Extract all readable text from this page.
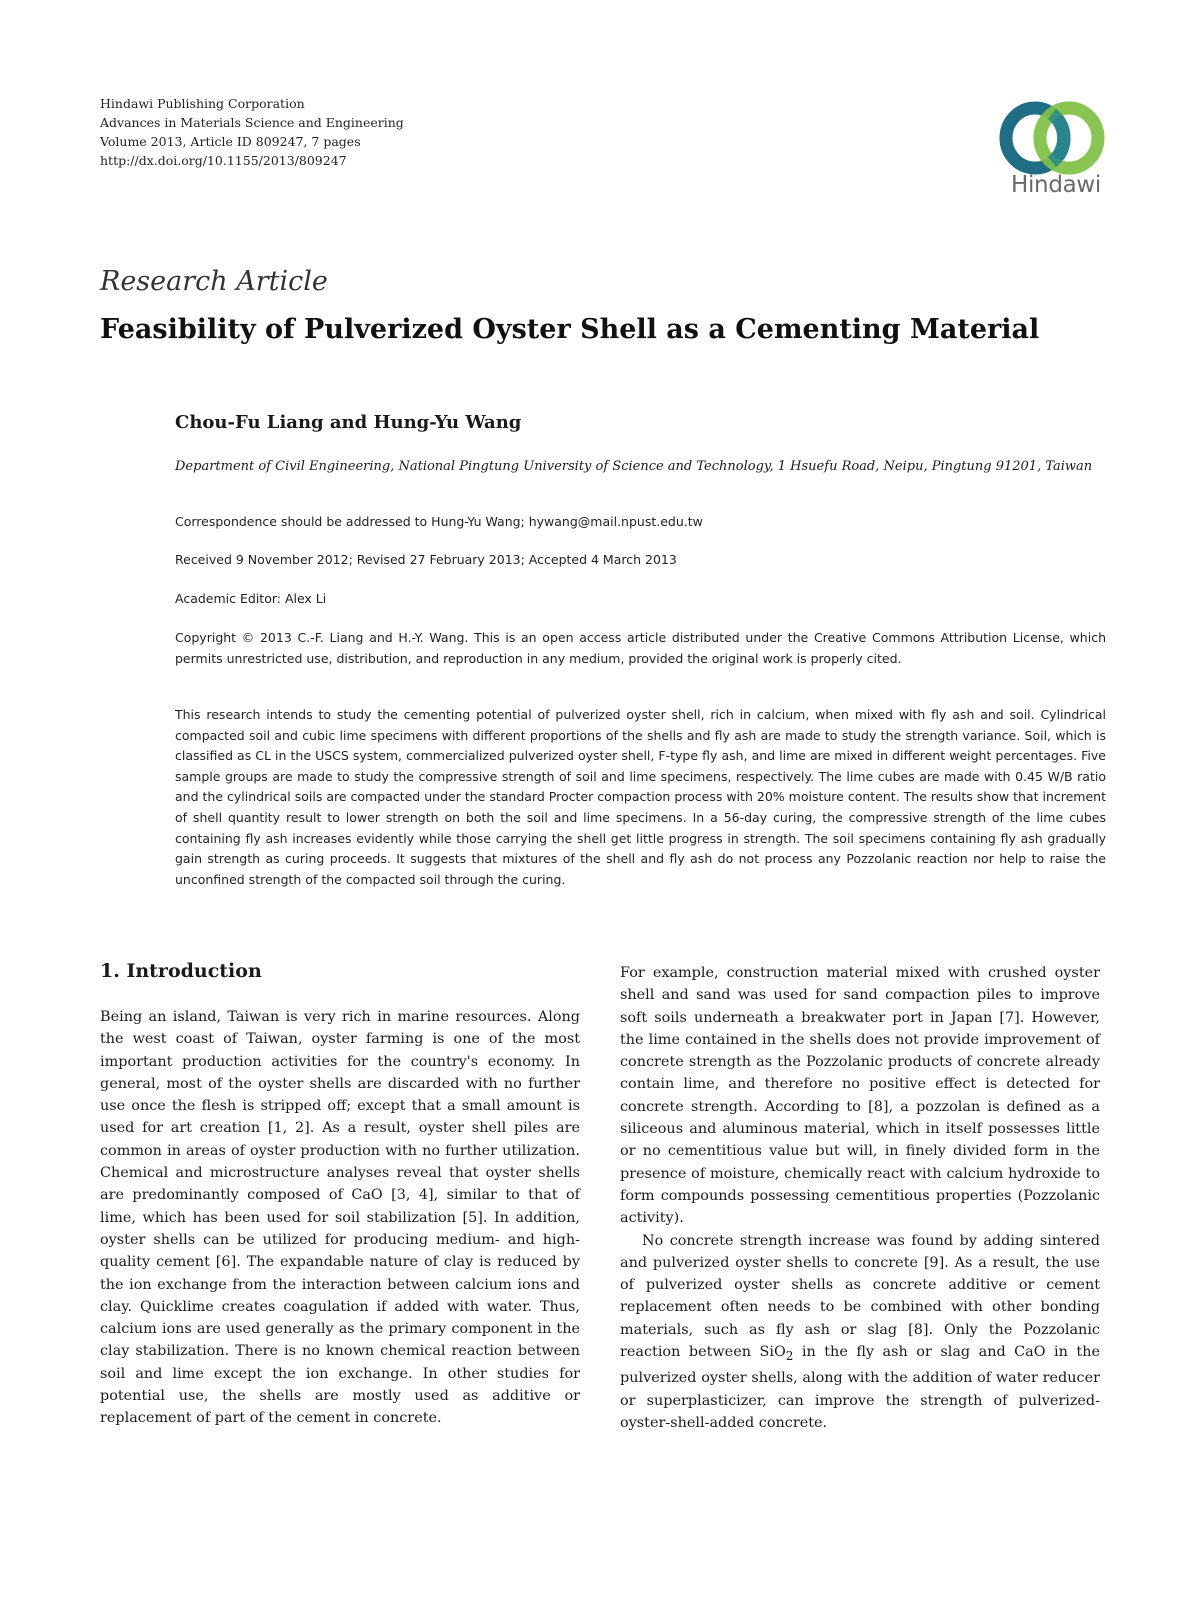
Hindawi Publishing Corporation
Advances in Materials Science and Engineering
Volume 2013, Article ID 809247, 7 pages
http://dx.doi.org/10.1155/2013/809247
Hindawi
Research Article
Feasibility of Pulverized Oyster Shell as a Cementing Material
Chou-Fu Liang and Hung-Yu Wang
Department of Civil Engineering, National Pingtung University of Science and Technology, 1 Hsuefu Road, Neipu, Pingtung 91201, Taiwan
Correspondence should be addressed to Hung-Yu Wang; hywang@mail.npust.edu.tw
Received 9 November 2012; Revised 27 February 2013; Accepted 4 March 2013
Academic Editor: Alex Li
Copyright © 2013 C.-F. Liang and H.-Y. Wang. This is an open access article distributed under the Creative Commons Attribution License, which permits unrestricted use, distribution, and reproduction in any medium, provided the original work is properly cited.
This research intends to study the cementing potential of pulverized oyster shell, rich in calcium, when mixed with fly ash and soil. Cylindrical compacted soil and cubic lime specimens with different proportions of the shells and fly ash are made to study the strength variance. Soil, which is classified as CL in the USCS system, commercialized pulverized oyster shell, F-type fly ash, and lime are mixed in different weight percentages. Five sample groups are made to study the compressive strength of soil and lime specimens, respectively. The lime cubes are made with 0.45 W/B ratio and the cylindrical soils are compacted under the standard Procter compaction process with 20% moisture content. The results show that increment of shell quantity result to lower strength on both the soil and lime specimens. In a 56-day curing, the compressive strength of the lime cubes containing fly ash increases evidently while those carrying the shell get little progress in strength. The soil specimens containing fly ash gradually gain strength as curing proceeds. It suggests that mixtures of the shell and fly ash do not process any Pozzolanic reaction nor help to raise the unconfined strength of the compacted soil through the curing.
1. Introduction

Being an island, Taiwan is very rich in marine resources. Along the west coast of Taiwan, oyster farming is one of the most important production activities for the country's economy. In general, most of the oyster shells are discarded with no further use once the flesh is stripped off; except that a small amount is used for art creation [1, 2]. As a result, oyster shell piles are common in areas of oyster production with no further utilization. Chemical and microstructure analyses reveal that oyster shells are predominantly composed of CaO [3, 4], similar to that of lime, which has been used for soil stabilization [5]. In addition, oyster shells can be utilized for producing medium- and high-quality cement [6]. The expandable nature of clay is reduced by the ion exchange from the interaction between calcium ions and clay. Quicklime creates coagulation if added with water. Thus, calcium ions are used generally as the primary component in the clay stabilization. There is no known chemical reaction between soil and lime except the ion exchange. In other studies for potential use, the shells are mostly used as additive or replacement of part of the cement in concrete.

For example, construction material mixed with crushed oyster shell and sand was used for sand compaction piles to improve soft soils underneath a breakwater port in Japan [7]. However, the lime contained in the shells does not provide improvement of concrete strength as the Pozzolanic products of concrete already contain lime, and therefore no positive effect is detected for concrete strength. According to [8], a pozzolan is defined as a siliceous and aluminous material, which in itself possesses little or no cementitious value but will, in finely divided form in the presence of moisture, chemically react with calcium hydroxide to form compounds possessing cementitious properties (Pozzolanic activity).

No concrete strength increase was found by adding sintered and pulverized oyster shells to concrete [9]. As a result, the use of pulverized oyster shells as concrete additive or cement replacement often needs to be combined with other bonding materials, such as fly ash or slag [8]. Only the Pozzolanic reaction between SiO$_2$ in the fly ash or slag and CaO in the pulverized oyster shells, along with the addition of water reducer or superplasticizer, can improve the strength of pulverized-oyster-shell-added concrete.
